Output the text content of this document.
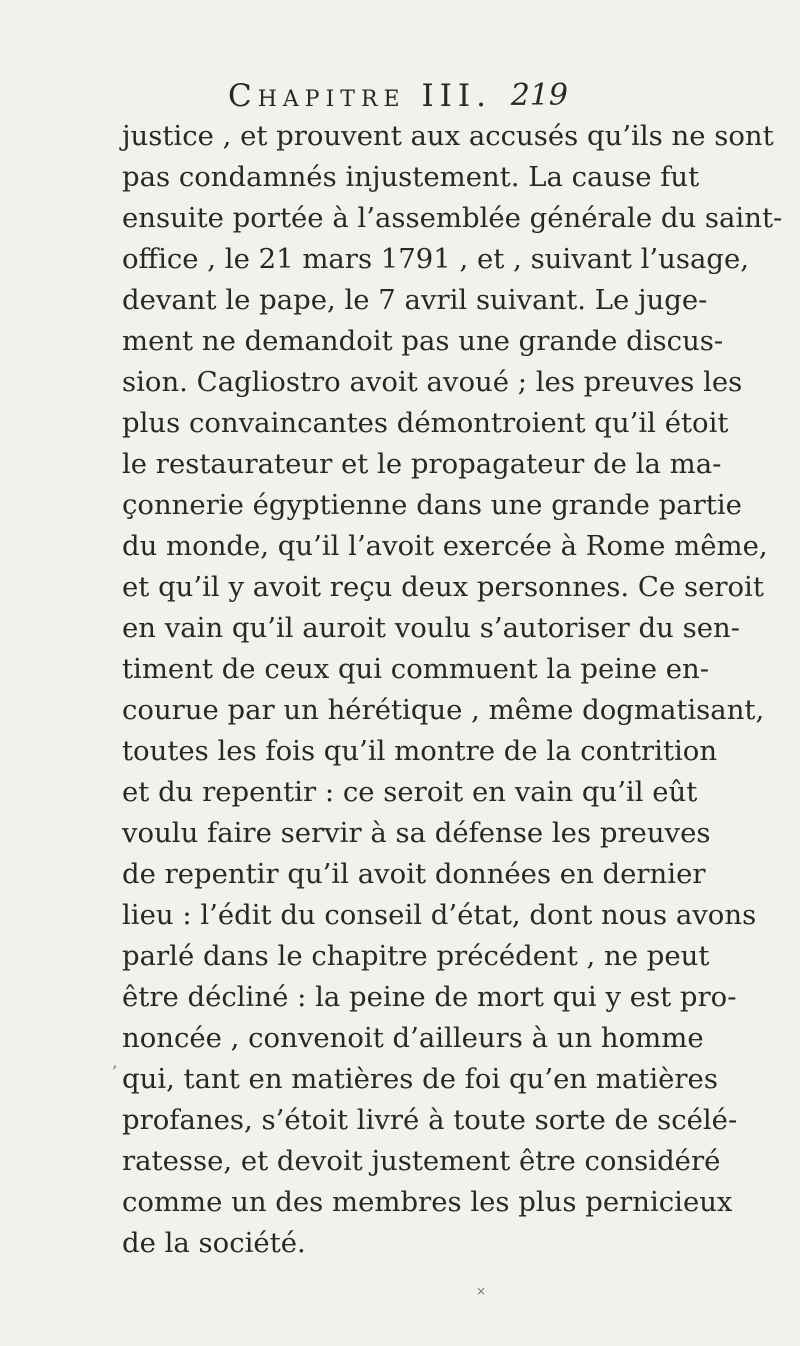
Chapitre III. 219
justice , et prouvent aux accusés qu’ils ne sont
pas condamnés injustement. La cause fut
ensuite portée à l’assemblée générale du saint-
office , le 21 mars 1791 , et , suivant l’usage,
devant le pape, le 7 avril suivant. Le juge-
ment ne demandoit pas une grande discus-
sion. Cagliostro avoit avoué ; les preuves les
plus convaincantes démontroient qu’il étoit
le restaurateur et le propagateur de la ma-
çonnerie égyptienne dans une grande partie
du monde, qu’il l’avoit exercée à Rome même,
et qu’il y avoit reçu deux personnes. Ce seroit
en vain qu’il auroit voulu s’autoriser du sen-
timent de ceux qui commuent la peine en-
courue par un hérétique , même dogmatisant,
toutes les fois qu’il montre de la contrition
et du repentir : ce seroit en vain qu’il eût
voulu faire servir à sa défense les preuves
de repentir qu’il avoit données en dernier
lieu : l’édit du conseil d’état, dont nous avons
parlé dans le chapitre précédent , ne peut
être décliné : la peine de mort qui y est pro-
noncée , convenoit d’ailleurs à un homme
qui, tant en matières de foi qu’en matières
profanes, s’étoit livré à toute sorte de scélé-
ratesse, et devoit justement être considéré
comme un des membres les plus pernicieux
de la société.
’
⨯
